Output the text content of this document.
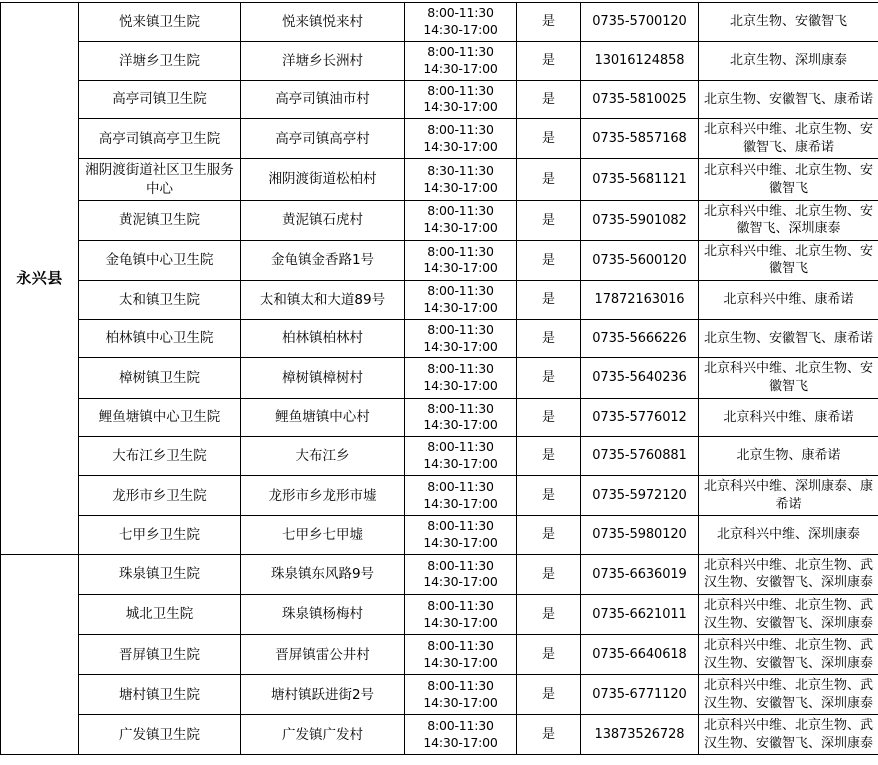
永兴县	悦来镇卫生院	悦来镇悦来村	8:00-11:30
14:30-17:00	是	0735-5700120	北京生物、安徽智飞
	洋塘乡卫生院	洋塘乡长洲村	8:00-11:30
14:30-17:00	是	13016124858	北京生物、深圳康泰
	高亭司镇卫生院	高亭司镇油市村	8:00-11:30
14:30-17:00	是	0735-5810025	北京生物、安徽智飞、康希诺
	高亭司镇高亭卫生院	高亭司镇高亭村	8:00-11:30
14:30-17:00	是	0735-5857168	北京科兴中维、北京生物、安徽智飞、康希诺
	湘阴渡街道社区卫生服务中心	湘阴渡街道松柏村	8:30-11:30
14:30-17:00	是	0735-5681121	北京科兴中维、北京生物、安徽智飞
	黄泥镇卫生院	黄泥镇石虎村	8:00-11:30
14:30-17:00	是	0735-5901082	北京科兴中维、北京生物、安徽智飞、深圳康泰
	金龟镇中心卫生院	金龟镇金香路1号	8:00-11:30
14:30-17:00	是	0735-5600120	北京科兴中维、北京生物、安徽智飞
	太和镇卫生院	太和镇太和大道89号	8:00-11:30
14:30-17:00	是	17872163016	北京科兴中维、康希诺
	柏林镇中心卫生院	柏林镇柏林村	8:00-11:30
14:30-17:00	是	0735-5666226	北京生物、安徽智飞、康希诺
	樟树镇卫生院	樟树镇樟树村	8:00-11:30
14:30-17:00	是	0735-5640236	北京科兴中维、北京生物、安徽智飞
	鲤鱼塘镇中心卫生院	鲤鱼塘镇中心村	8:00-11:30
14:30-17:00	是	0735-5776012	北京科兴中维、康希诺
	大布江乡卫生院	大布江乡	8:00-11:30
14:30-17:00	是	0735-5760881	北京生物、康希诺
	龙形市乡卫生院	龙形市乡龙形市墟	8:00-11:30
14:30-17:00	是	0735-5972120	北京科兴中维、深圳康泰、康希诺
	七甲乡卫生院	七甲乡七甲墟	8:00-11:30
14:30-17:00	是	0735-5980120	北京科兴中维、深圳康泰
	珠泉镇卫生院	珠泉镇东风路9号	8:00-11:30
14:30-17:00	是	0735-6636019	北京科兴中维、北京生物、武汉生物、安徽智飞、深圳康泰
	城北卫生院	珠泉镇杨梅村	8:00-11:30
14:30-17:00	是	0735-6621011	北京科兴中维、北京生物、武汉生物、安徽智飞、深圳康泰
	晋屏镇卫生院	晋屏镇雷公井村	8:00-11:30
14:30-17:00	是	0735-6640618	北京科兴中维、北京生物、武汉生物、安徽智飞、深圳康泰
	塘村镇卫生院	塘村镇跃进街2号	8:00-11:30
14:30-17:00	是	0735-6771120	北京科兴中维、北京生物、武汉生物、安徽智飞、深圳康泰
	广发镇卫生院	广发镇广发村	8:00-11:30
14:30-17:00	是	13873526728	北京科兴中维、北京生物、武汉生物、安徽智飞、深圳康泰
